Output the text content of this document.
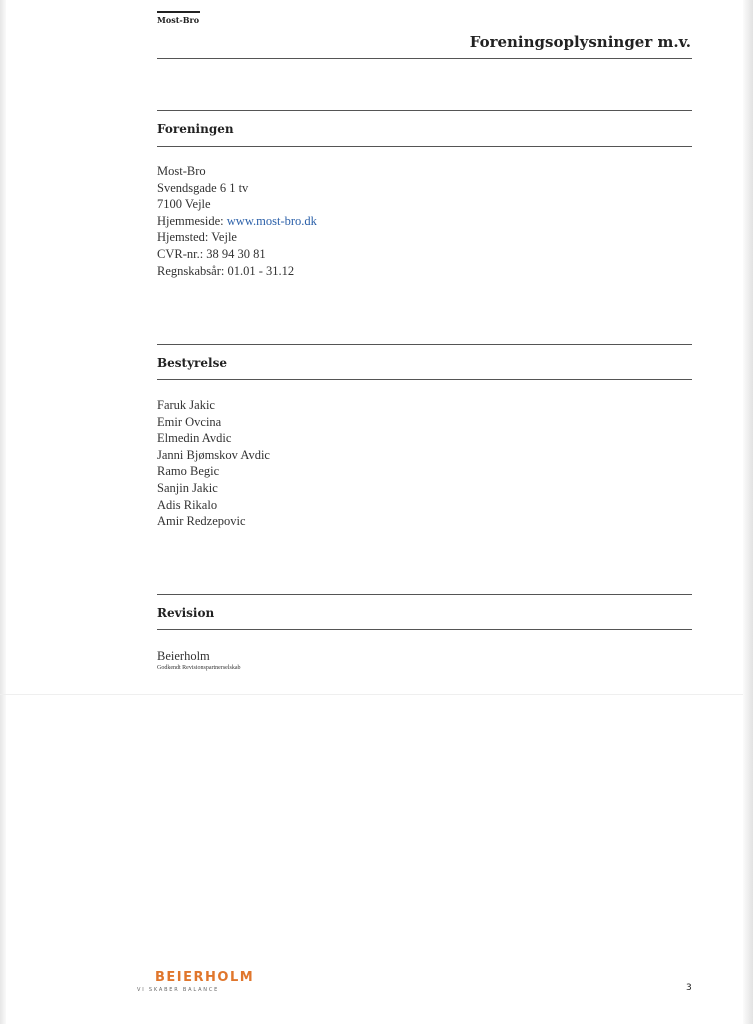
Most-Bro
Foreningsoplysninger m.v.
Foreningen
Most-Bro
Svendsgade 6 1 tv
7100 Vejle
Hjemmeside: www.most-bro.dk
Hjemsted: Vejle
CVR-nr.: 38 94 30 81
Regnskabsår: 01.01 - 31.12
Bestyrelse
Faruk Jakic
Emir Ovcina
Elmedin Avdic
Janni Bjømskov Avdic
Ramo Begic
Sanjin Jakic
Adis Rikalo
Amir Redzepovic
Revision
Beierholm
Godkendt Revisionspartnerselskab
BEIERHOLM
VI SKABER BALANCE	3
